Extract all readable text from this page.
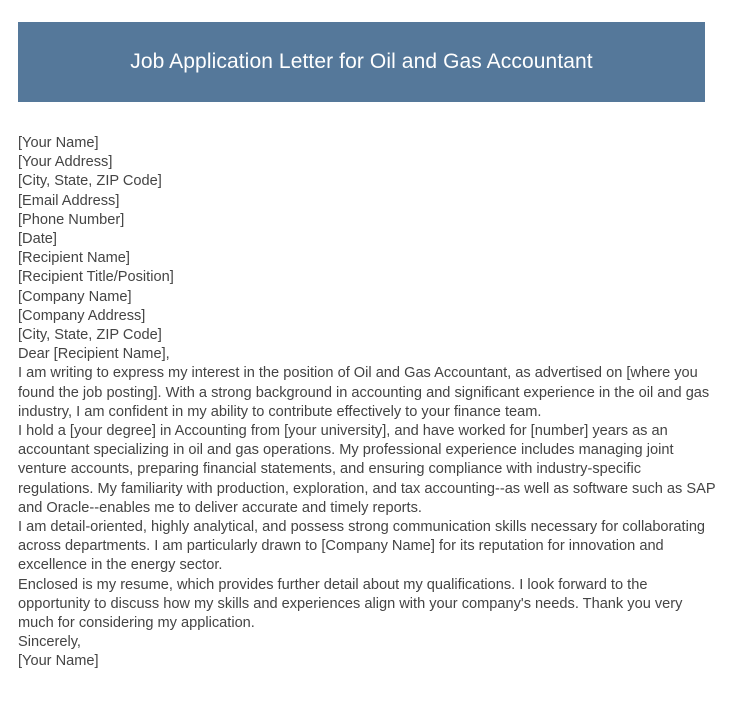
Job Application Letter for Oil and Gas Accountant
[Your Name]
[Your Address]
[City, State, ZIP Code]
[Email Address]
[Phone Number]
[Date]
[Recipient Name]
[Recipient Title/Position]
[Company Name]
[Company Address]
[City, State, ZIP Code]
Dear [Recipient Name],

I am writing to express my interest in the position of Oil and Gas Accountant, as advertised on [where you found the job posting]. With a strong background in accounting and significant experience in the oil and gas industry, I am confident in my ability to contribute effectively to your finance team.

I hold a [your degree] in Accounting from [your university], and have worked for [number] years as an accountant specializing in oil and gas operations. My professional experience includes managing joint venture accounts, preparing financial statements, and ensuring compliance with industry-specific regulations. My familiarity with production, exploration, and tax accounting--as well as software such as SAP and Oracle--enables me to deliver accurate and timely reports.

I am detail-oriented, highly analytical, and possess strong communication skills necessary for collaborating across departments. I am particularly drawn to [Company Name] for its reputation for innovation and excellence in the energy sector.

Enclosed is my resume, which provides further detail about my qualifications. I look forward to the opportunity to discuss how my skills and experiences align with your company's needs. Thank you very much for considering my application.

Sincerely,
[Your Name]
